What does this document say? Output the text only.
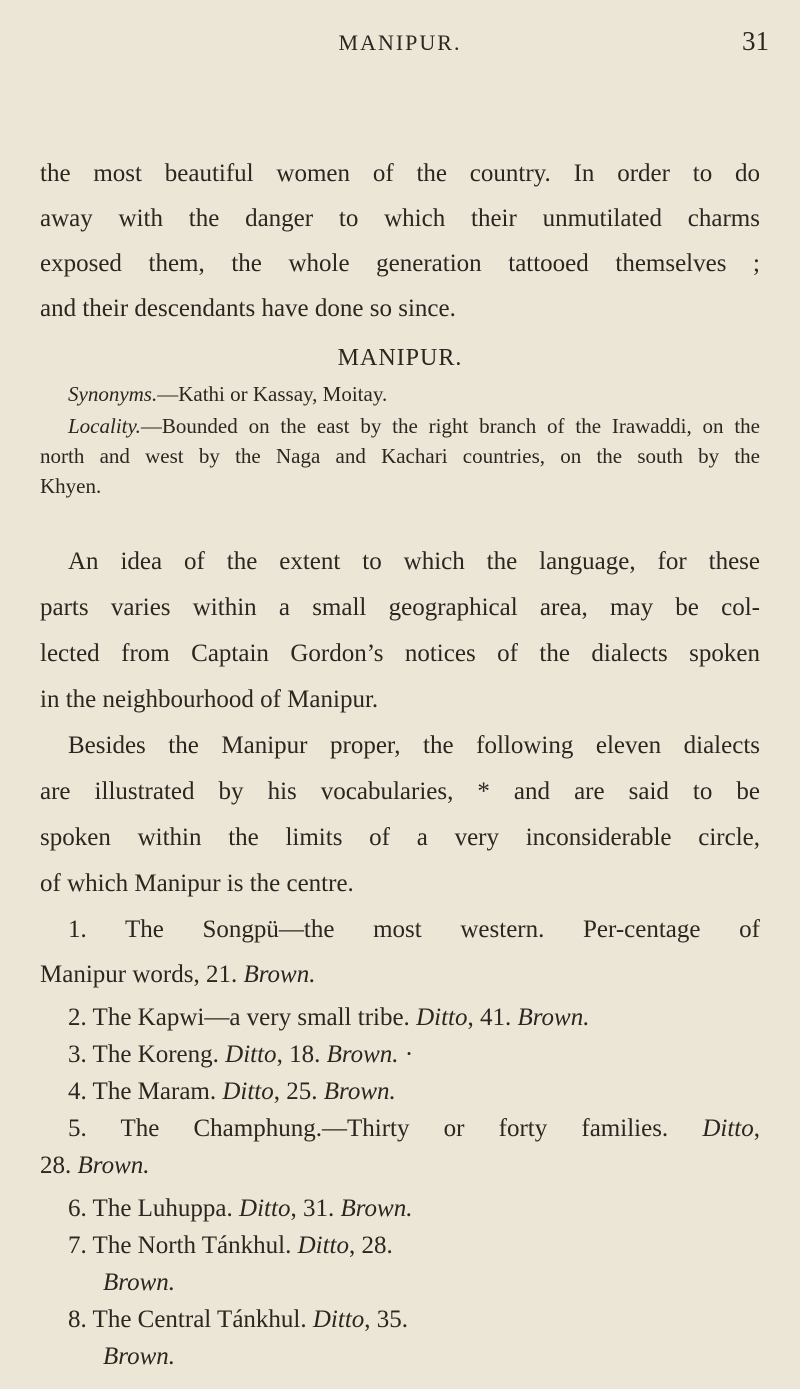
MANIPUR.	31
the most beautiful women of the country. In order to do
away with the danger to which their unmutilated charms
exposed them, the whole generation tattooed themselves ;
and their descendants have done so since.
MANIPUR.
Synonyms.—Kathi or Kassay, Moitay.
Locality.—Bounded on the east by the right branch of the Irawaddi, on the
north and west by the Naga and Kachari countries, on the south by the
Khyen.
An idea of the extent to which the language, for these
parts varies within a small geographical area, may be col-
lected from Captain Gordon’s notices of the dialects spoken
in the neighbourhood of Manipur.
Besides the Manipur proper, the following eleven dialects
are illustrated by his vocabularies, * and are said to be
spoken within the limits of a very inconsiderable circle,
of which Manipur is the centre.
1. The Songpü—the most western. Per-centage of
Manipur words, 21. Brown.
2. The Kapwi—a very small tribe. Ditto, 41. Brown.
3. The Koreng. Ditto, 18. Brown. ·
4. The Maram. Ditto, 25. Brown.
5. The Champhung.—Thirty or forty families. Ditto,
28. Brown.
6. The Luhuppa. Ditto, 31. Brown.
7. The North Tánkhul. Ditto, 28.
Brown.
8. The Central Tánkhul. Ditto, 35.
Brown.
